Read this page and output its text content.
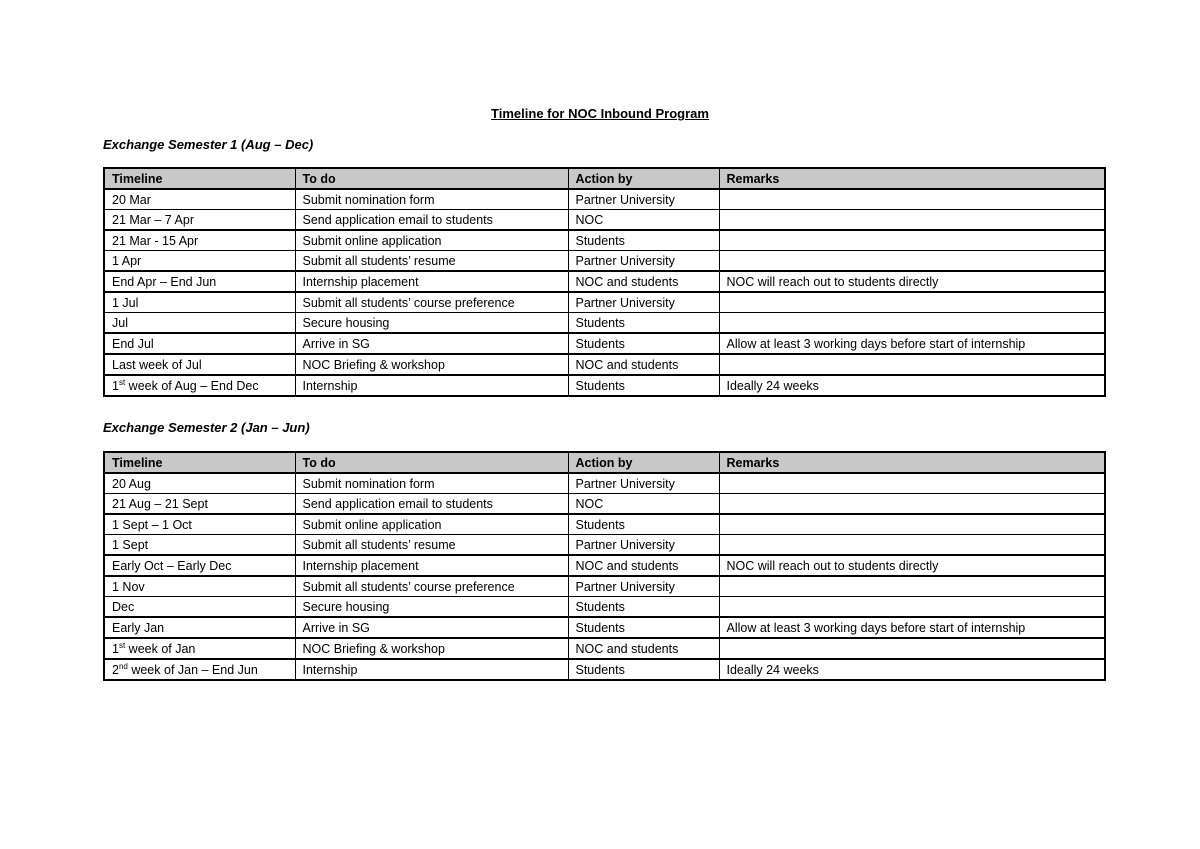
Timeline for NOC Inbound Program
Exchange Semester 1 (Aug – Dec)
Timeline	To do	Action by	Remarks
20 Mar	Submit nomination form	Partner University	
21 Mar – 7 Apr	Send application email to students	NOC	
21 Mar - 15 Apr	Submit online application	Students	
1 Apr	Submit all students’ resume	Partner University	
End Apr – End Jun	Internship placement	NOC and students	NOC will reach out to students directly
1 Jul	Submit all students’ course preference	Partner University	
Jul	Secure housing	Students	
End Jul	Arrive in SG	Students	Allow at least 3 working days before start of internship
Last week of Jul	NOC Briefing & workshop	NOC and students	
1st week of Aug – End Dec	Internship	Students	Ideally 24 weeks
Exchange Semester 2 (Jan – Jun)
Timeline	To do	Action by	Remarks
20 Aug	Submit nomination form	Partner University	
21 Aug – 21 Sept	Send application email to students	NOC	
1 Sept – 1 Oct	Submit online application	Students	
1 Sept	Submit all students’ resume	Partner University	
Early Oct – Early Dec	Internship placement	NOC and students	NOC will reach out to students directly
1 Nov	Submit all students’ course preference	Partner University	
Dec	Secure housing	Students	
Early Jan	Arrive in SG	Students	Allow at least 3 working days before start of internship
1st week of Jan	NOC Briefing & workshop	NOC and students	
2nd week of Jan – End Jun	Internship	Students	Ideally 24 weeks
